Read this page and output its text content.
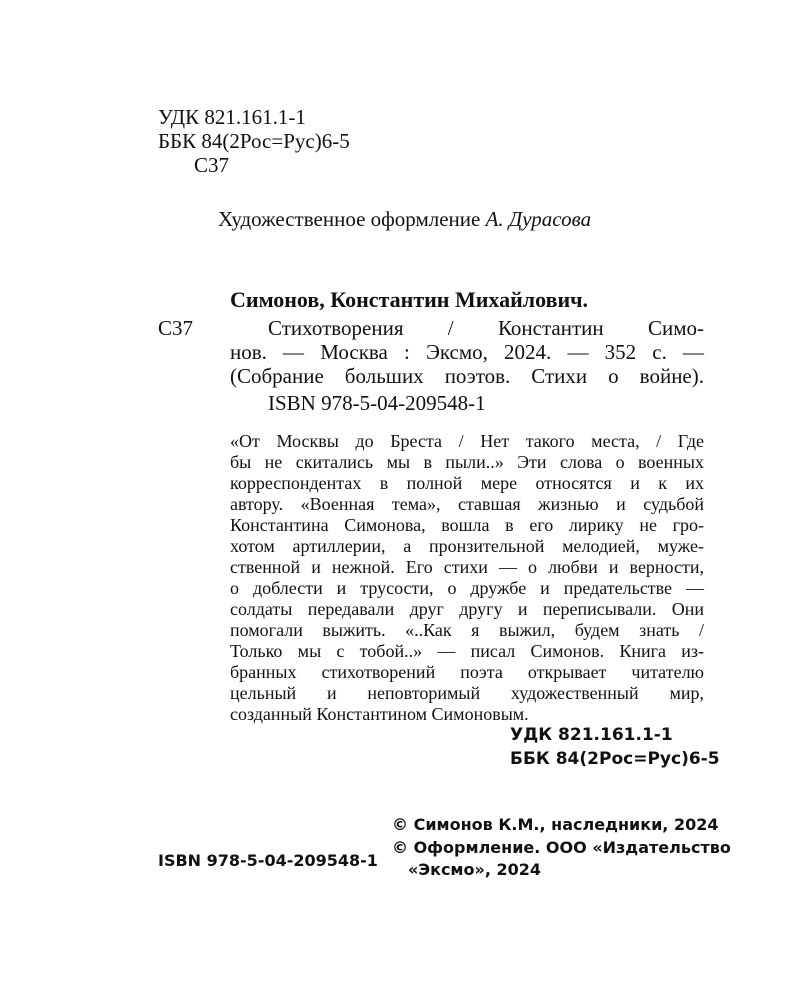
УДК 821.161.1-1
ББК 84(2Рос=Рус)6-5
С37
Художественное оформление А. Дурасова
Симонов, Константин Михайлович.
С37	Стихотворения / Константин Симо-
нов. — Москва : Эксмо, 2024. — 352 с. —
(Собрание больших поэтов. Стихи о войне).
ISBN 978-5-04-209548-1
«От Москвы до Бреста / Нет такого места, / Где
бы не скитались мы в пыли..» Эти слова о военных
корреспондентах в полной мере относятся и к их
автору. «Военная тема», ставшая жизнью и судьбой
Константина Симонова, вошла в его лирику не гро-
хотом артиллерии, а пронзительной мелодией, муже-
ственной и нежной. Его стихи — о любви и верности,
о доблести и трусости, о дружбе и предательстве —
солдаты передавали друг другу и переписывали. Они
помогали выжить. «..Как я выжил, будем знать /
Только мы с тобой..» — писал Симонов. Книга из-
бранных стихотворений поэта открывает читателю
цельный и неповторимый художественный мир,
созданный Константином Симоновым.
УДК 821.161.1-1
ББК 84(2Рос=Рус)6-5
© Симонов К.М., наследники, 2024
© Оформление. ООО «Издательство
«Эксмо», 2024
ISBN 978-5-04-209548-1
